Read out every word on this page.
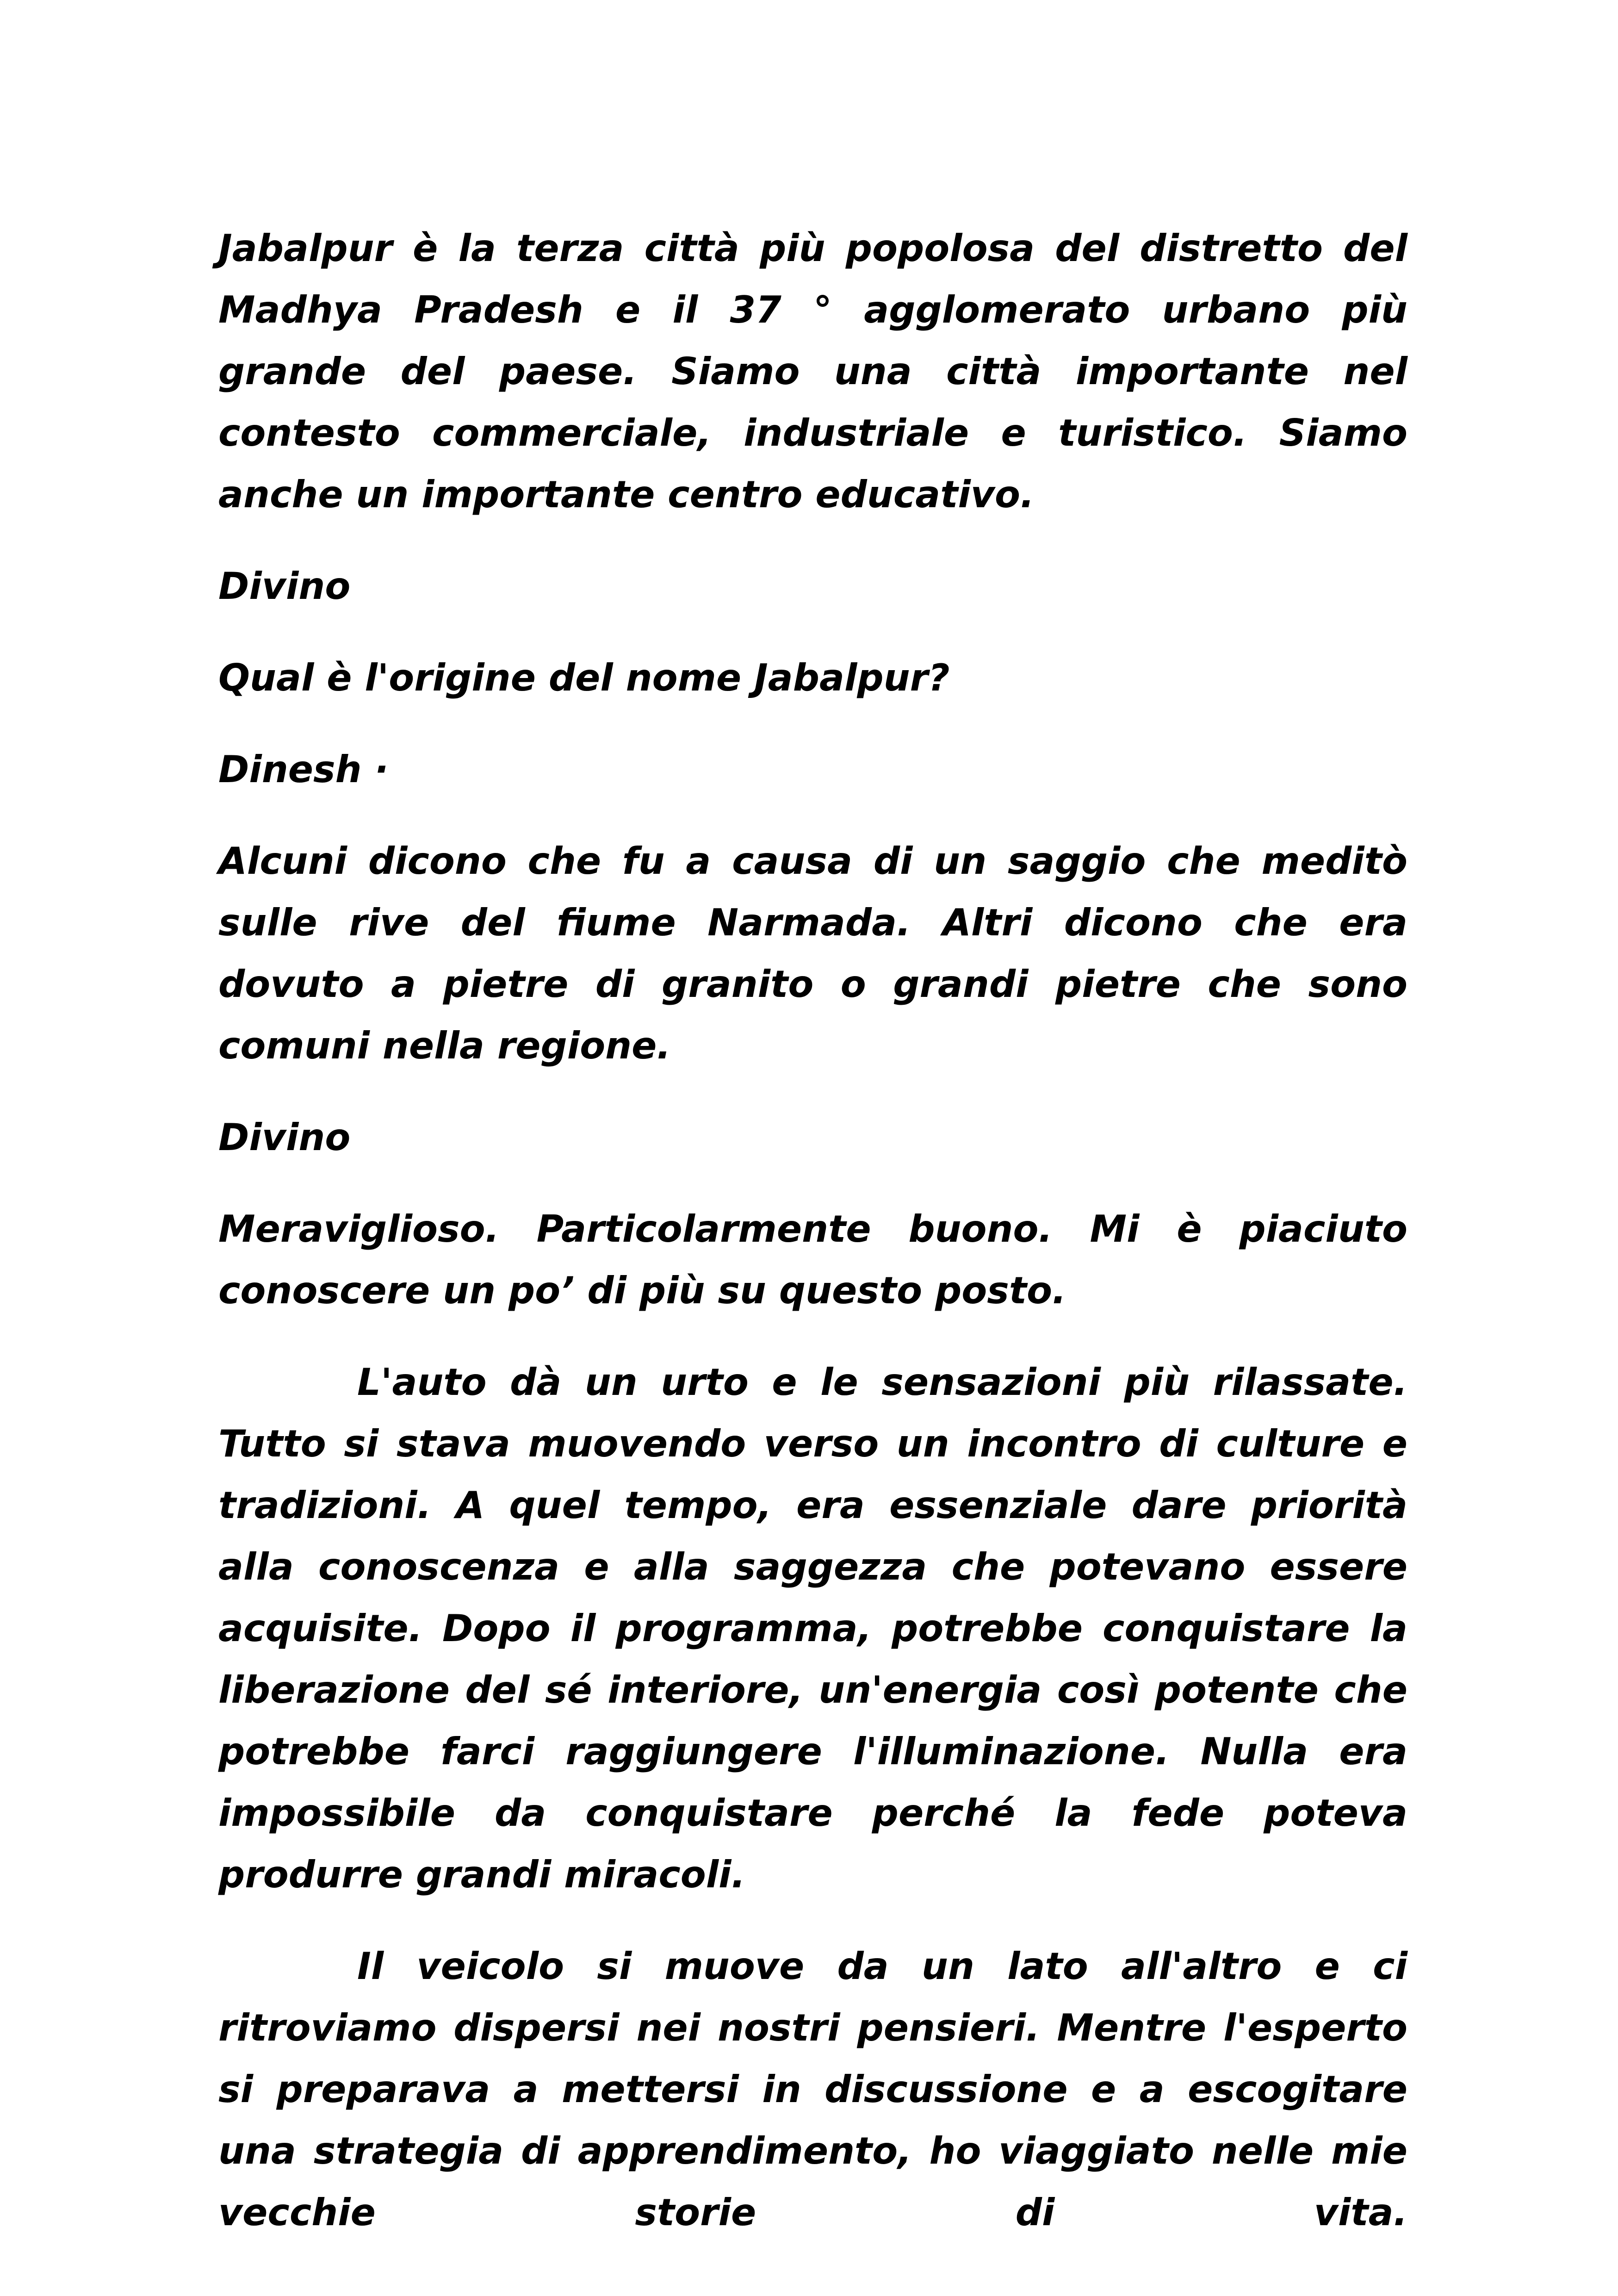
Jabalpur è la terza città più popolosa del distretto del Madhya Pradesh e il 37 ° agglomerato urbano più grande del paese. Siamo una città importante nel contesto commerciale, industriale e turistico. Siamo anche un importante centro educativo.

Divino

Qual è l'origine del nome Jabalpur?

Dinesh ·

Alcuni dicono che fu a causa di un saggio che meditò sulle rive del fiume Narmada. Altri dicono che era dovuto a pietre di granito o grandi pietre che sono comuni nella regione.

Divino

Meraviglioso. Particolarmente buono. Mi è piaciuto conoscere un po’ di più su questo posto.

L'auto dà un urto e le sensazioni più rilassate. Tutto si stava muovendo verso un incontro di culture e tradizioni. A quel tempo, era essenziale dare priorità alla conoscenza e alla saggezza che potevano essere acquisite. Dopo il programma, potrebbe conquistare la liberazione del sé interiore, un'energia così potente che potrebbe farci raggiungere l'illuminazione. Nulla era impossibile da conquistare perché la fede poteva produrre grandi miracoli.

Il veicolo si muove da un lato all'altro e ci ritroviamo dispersi nei nostri pensieri. Mentre l'esperto si preparava a mettersi in discussione e a escogitare una strategia di apprendimento, ho viaggiato nelle mie vecchie storie di vita.
